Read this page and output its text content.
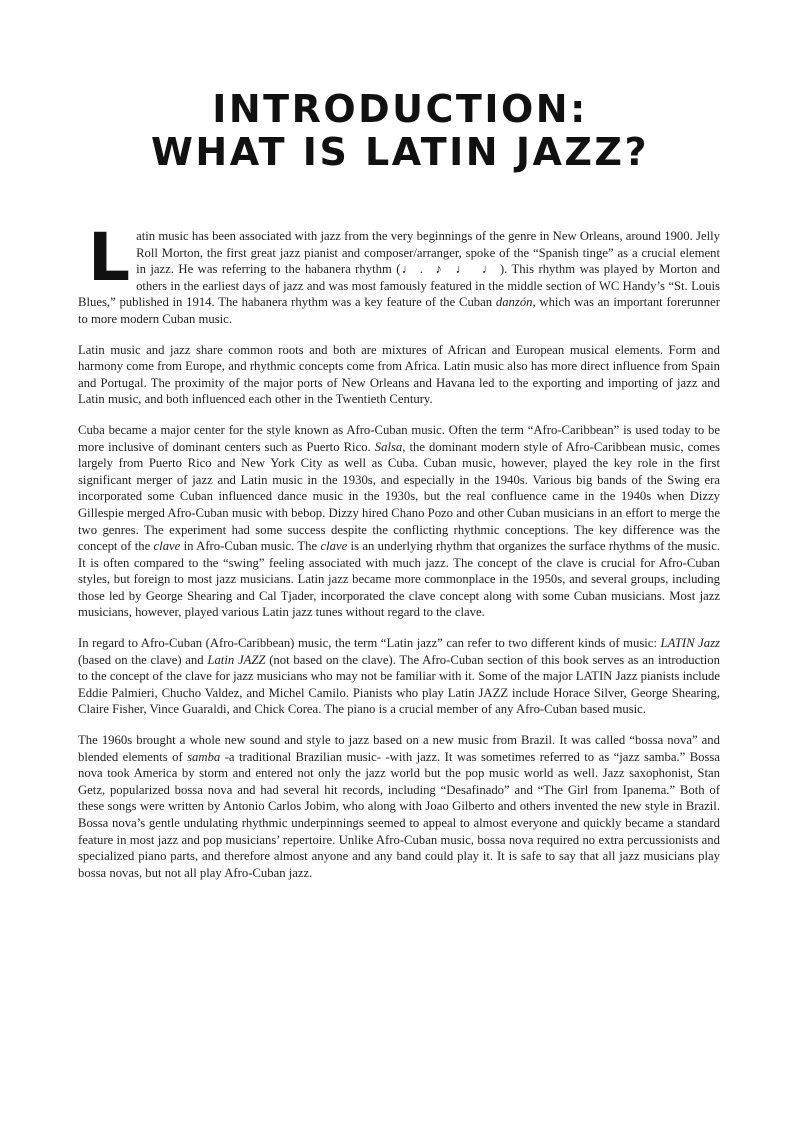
INTRODUCTION:
WHAT IS LATIN JAZZ?

Latin music has been associated with jazz from the very beginnings of the genre in New Orleans, around 1900. Jelly Roll Morton, the first great jazz pianist and composer/arranger, spoke of the “Spanish tinge” as a crucial element in jazz. He was referring to the habanera rhythm (♩. ♪ ♩ ♩). This rhythm was played by Morton and others in the earliest days of jazz and was most famously featured in the middle section of WC Handy’s “St. Louis Blues,” published in 1914. The habanera rhythm was a key feature of the Cuban danzón, which was an important forerunner to more modern Cuban music.

Latin music and jazz share common roots and both are mixtures of African and European musical elements. Form and harmony come from Europe, and rhythmic concepts come from Africa. Latin music also has more direct influence from Spain and Portugal. The proximity of the major ports of New Orleans and Havana led to the exporting and importing of jazz and Latin music, and both influenced each other in the Twentieth Century.

Cuba became a major center for the style known as Afro-Cuban music. Often the term “Afro-Caribbean” is used today to be more inclusive of dominant centers such as Puerto Rico. Salsa, the dominant modern style of Afro-Caribbean music, comes largely from Puerto Rico and New York City as well as Cuba. Cuban music, however, played the key role in the first significant merger of jazz and Latin music in the 1930s, and especially in the 1940s. Various big bands of the Swing era incorporated some Cuban influenced dance music in the 1930s, but the real confluence came in the 1940s when Dizzy Gillespie merged Afro-Cuban music with bebop. Dizzy hired Chano Pozo and other Cuban musicians in an effort to merge the two genres. The experiment had some success despite the conflicting rhythmic conceptions. The key difference was the concept of the clave in Afro-Cuban music. The clave is an underlying rhythm that organizes the surface rhythms of the music. It is often compared to the “swing” feeling associated with much jazz. The concept of the clave is crucial for Afro-Cuban styles, but foreign to most jazz musicians. Latin jazz became more commonplace in the 1950s, and several groups, including those led by George Shearing and Cal Tjader, incorporated the clave concept along with some Cuban musicians. Most jazz musicians, however, played various Latin jazz tunes without regard to the clave.

In regard to Afro-Cuban (Afro-Caribbean) music, the term “Latin jazz” can refer to two different kinds of music: LATIN Jazz (based on the clave) and Latin JAZZ (not based on the clave). The Afro-Cuban section of this book serves as an introduction to the concept of the clave for jazz musicians who may not be familiar with it. Some of the major LATIN Jazz pianists include Eddie Palmieri, Chucho Valdez, and Michel Camilo. Pianists who play Latin JAZZ include Horace Silver, George Shearing, Claire Fisher, Vince Guaraldi, and Chick Corea. The piano is a crucial member of any Afro-Cuban based music.

The 1960s brought a whole new sound and style to jazz based on a new music from Brazil. It was called “bossa nova” and blended elements of samba -a traditional Brazilian music- -with jazz. It was sometimes referred to as “jazz samba.” Bossa nova took America by storm and entered not only the jazz world but the pop music world as well. Jazz saxophonist, Stan Getz, popularized bossa nova and had several hit records, including “Desafinado” and “The Girl from Ipanema.” Both of these songs were written by Antonio Carlos Jobim, who along with Joao Gilberto and others invented the new style in Brazil. Bossa nova’s gentle undulating rhythmic underpinnings seemed to appeal to almost everyone and quickly became a standard feature in most jazz and pop musicians’ repertoire. Unlike Afro-Cuban music, bossa nova required no extra percussionists and specialized piano parts, and therefore almost anyone and any band could play it. It is safe to say that all jazz musicians play bossa novas, but not all play Afro-Cuban jazz.
